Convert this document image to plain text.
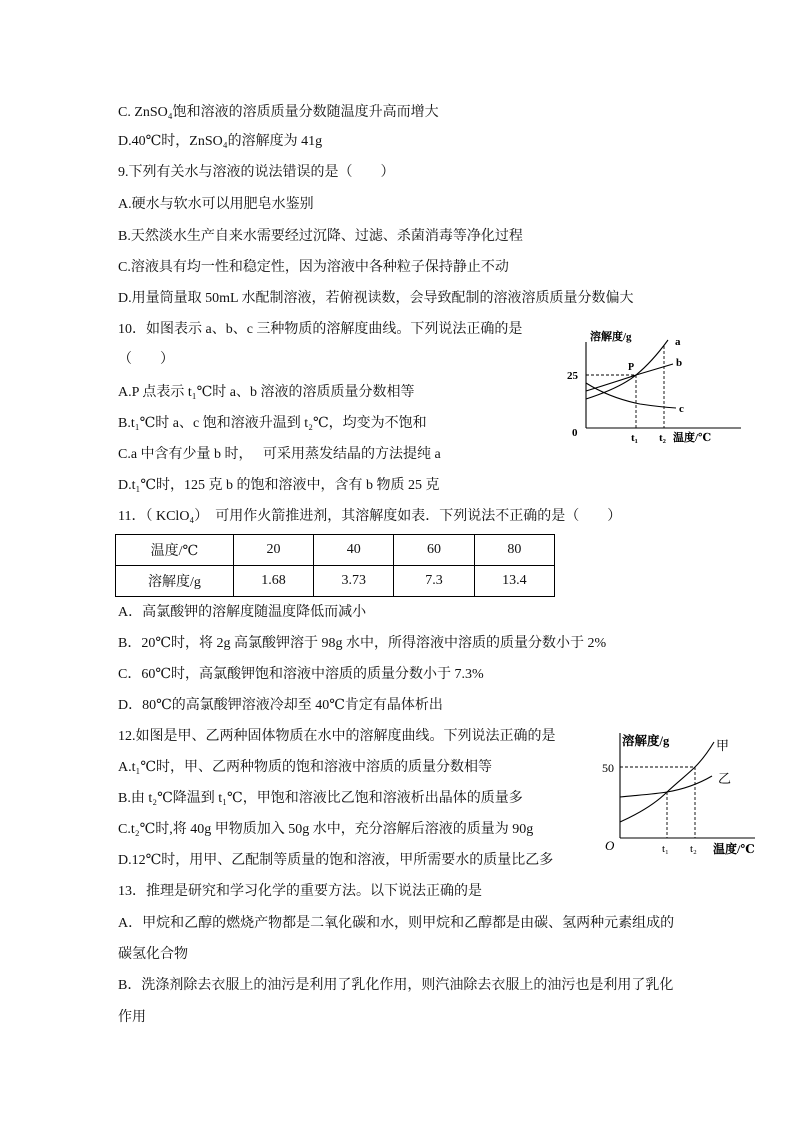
C. ZnSO₄饱和溶液的溶质质量分数随温度升高而增大
D.40℃时，ZnSO₄的溶解度为 41g
9.下列有关水与溶液的说法错误的是（　　）
A.硬水与软水可以用肥皂水鉴别
B.天然淡水生产自来水需要经过沉降、过滤、杀菌消毒等净化过程
C.溶液具有均一性和稳定性，因为溶液中各种粒子保持静止不动
D.用量筒量取 50mL 水配制溶液，若俯视读数，会导致配制的溶液溶质质量分数偏大
10．如图表示 a、b、c 三种物质的溶解度曲线。下列说法正确的是
（　　）
A.P 点表示 t₁℃时 a、b 溶液的溶质质量分数相等
B.t₁℃时 a、c 饱和溶液升温到 t₂℃，均变为不饱和
C.a 中含有少量 b 时，　 可采用蒸发结晶的方法提纯 a
D.t₁℃时，125 克 b 的饱和溶液中，含有 b 物质 25 克
溶解度/g	a
b
c
P
25
0	t₁ t₂ 温度/℃
11．（ KClO₄）  可用作火箭推进剂，其溶解度如表．下列说法不正确的是（　　）
温度/℃	20	40	60	80
溶解度/g	1.68	3.73	7.3	13.4
A．高氯酸钾的溶解度随温度降低而减小
B．20℃时，将 2g 高氯酸钾溶于 98g 水中，所得溶液中溶质的质量分数小于 2%
C．60℃时，高氯酸钾饱和溶液中溶质的质量分数小于 7.3%
D．80℃的高氯酸钾溶液冷却至 40℃肯定有晶体析出
12.如图是甲、乙两种固体物质在水中的溶解度曲线。下列说法正确的是
A.t₁℃时，甲、乙两种物质的饱和溶液中溶质的质量分数相等
B.由 t₂℃降温到 t₁℃，甲饱和溶液比乙饱和溶液析出晶体的质量多
C.t₂℃时,将 40g 甲物质加入 50g 水中，充分溶解后溶液的质量为 90g
D.12℃时，用甲、乙配制等质量的饱和溶液，甲所需要水的质量比乙多
溶解度/g	甲
乙
50
O	t₁ t₂ 温度/℃
13．推理是研究和学习化学的重要方法。以下说法正确的是
A．甲烷和乙醇的燃烧产物都是二氧化碳和水，则甲烷和乙醇都是由碳、氢两种元素组成的
碳氢化合物
B．洗涤剂除去衣服上的油污是利用了乳化作用，则汽油除去衣服上的油污也是利用了乳化
作用
